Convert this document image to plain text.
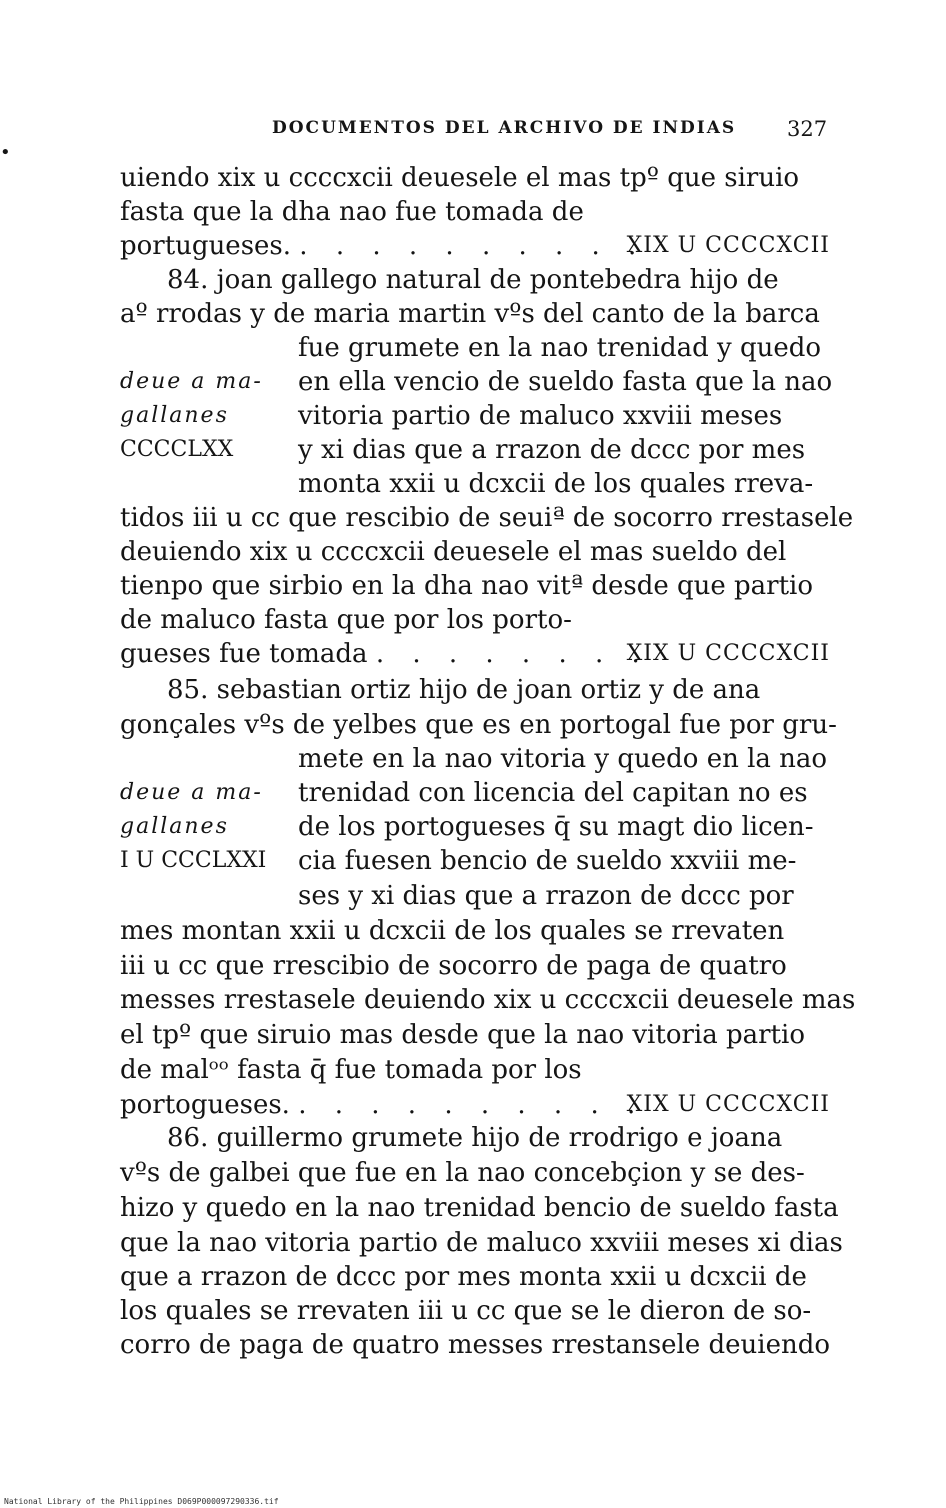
•
DOCUMENTOS DEL ARCHIVO DE INDIAS 327
uiendo xix u ccccxcii deuesele el mas tpº que siruio
fasta que la dha nao fue tomada de
portugueses. . . . . . . . . . .
XIX U CCCCXCII
84. joan gallego natural de pontebedra hijo de
aº rrodas y de maria martin vºs del canto de la barca
fue grumete en la nao trenidad y quedo
deue a ma- en ella vencio de sueldo fasta que la nao
gallanes	vitoria partio de maluco xxviii meses
CCCCLXX y xi dias que a rrazon de dccc por mes
monta xxii u dcxcii de los quales rreva-
tidos iii u cc que rescibio de seuiª de socorro rrestasele
deuiendo xix u ccccxcii deuesele el mas sueldo del
tienpo que sirbio en la dha nao vitª desde que partio
de maluco fasta que por los porto-
gueses fue tomada . . . . . . . .
XIX U CCCCXCII
85. sebastian ortiz hijo de joan ortiz y de ana
gonçales vºs de yelbes que es en portogal fue por gru-
mete en la nao vitoria y quedo en la nao
deue a ma- trenidad con licencia del capitan no es
gallanes	de los portogueses q̄ su magt dio licen-
I U CCCLXXI cia fuesen bencio de sueldo xxviii me-
ses y xi dias que a rrazon de dccc por
mes montan xxii u dcxcii de los quales se rrevaten
iii u cc que rrescibio de socorro de paga de quatro
messes rrestasele deuiendo xix u ccccxcii deuesele mas
el tpº que siruio mas desde que la nao vitoria partio
de malᵒᵒ fasta q̄ fue tomada por los
portogueses. . . . . . . . . . .
XIX U CCCCXCII
86. guillermo grumete hijo de rrodrigo e joana
vºs de galbei que fue en la nao concebçion y se des-
hizo y quedo en la nao trenidad bencio de sueldo fasta
que la nao vitoria partio de maluco xxviii meses xi dias
que a rrazon de dccc por mes monta xxii u dcxcii de
los quales se rrevaten iii u cc que se le dieron de so-
corro de paga de quatro messes rrestansele deuiendo
National Library of the Philippines D069P000097290336.tif
